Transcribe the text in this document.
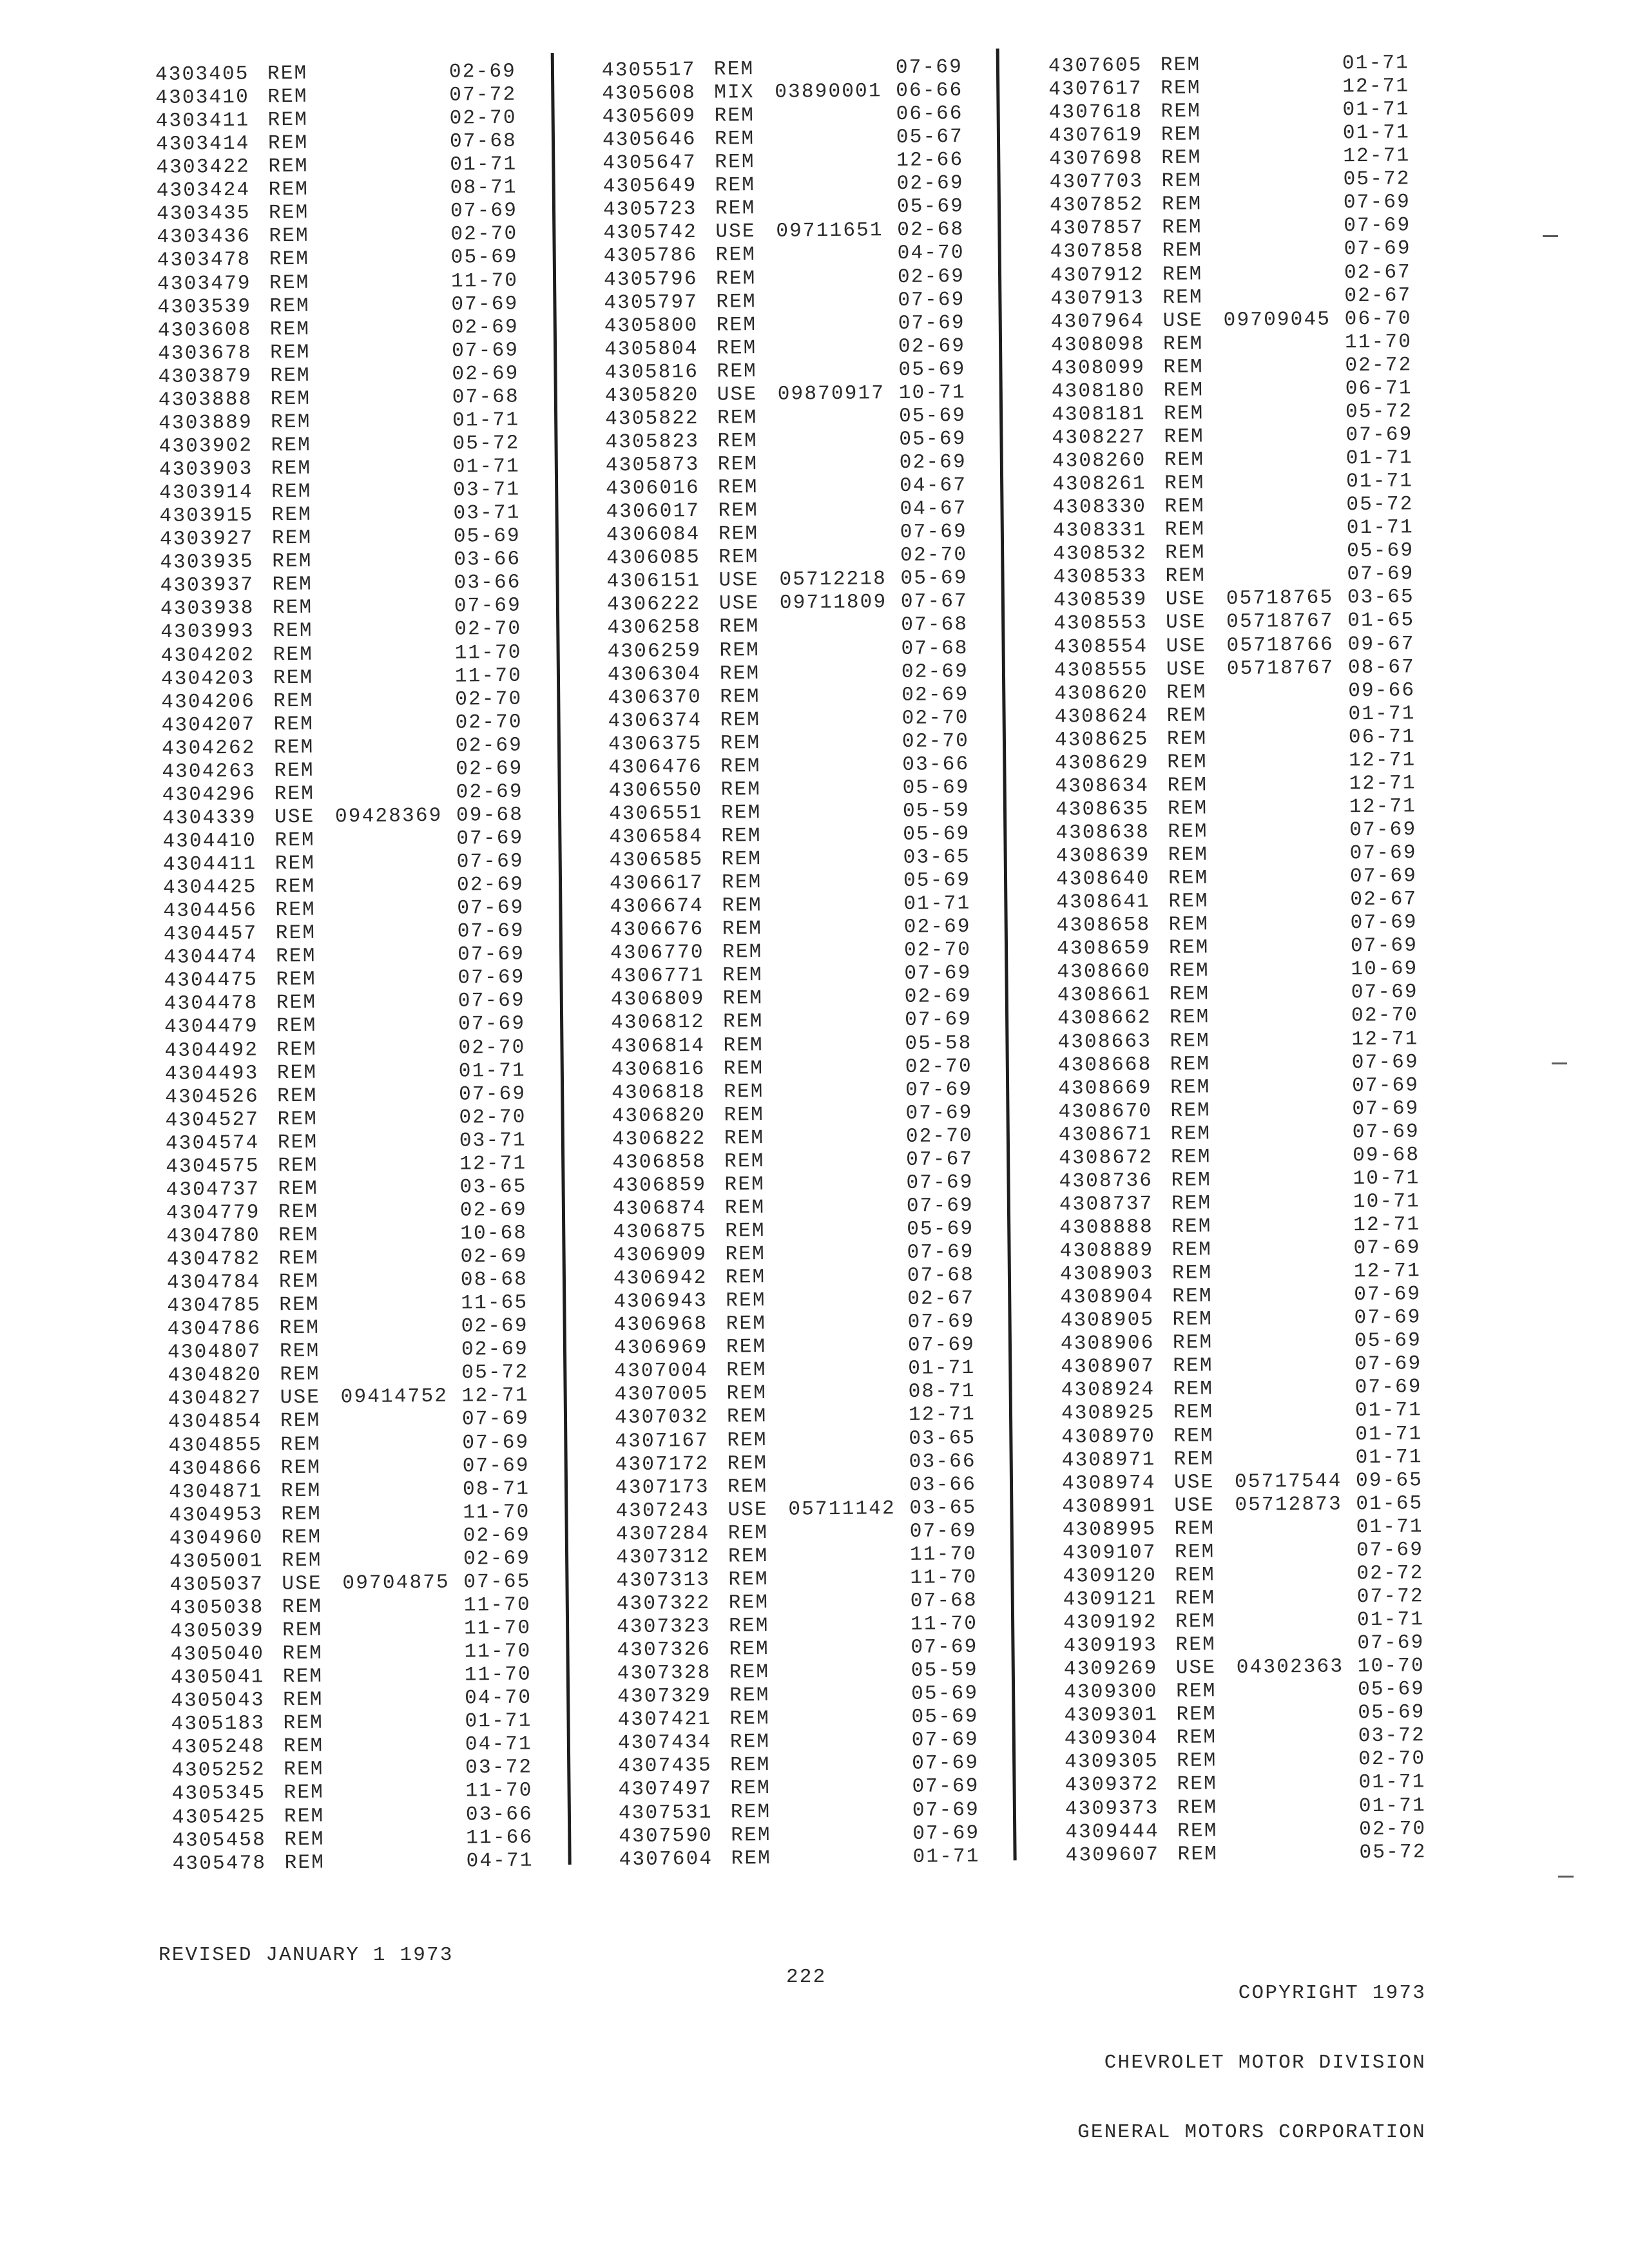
4303405 REM	02-69
4303410 REM	07-72
4303411 REM	02-70
4303414 REM	07-68
4303422 REM	01-71
4303424 REM	08-71
4303435 REM	07-69
4303436 REM	02-70
4303478 REM	05-69
4303479 REM	11-70
4303539 REM	07-69
4303608 REM	02-69
4303678 REM	07-69
4303879 REM	02-69
4303888 REM	07-68
4303889 REM	01-71
4303902 REM	05-72
4303903 REM	01-71
4303914 REM	03-71
4303915 REM	03-71
4303927 REM	05-69
4303935 REM	03-66
4303937 REM	03-66
4303938 REM	07-69
4303993 REM	02-70
4304202 REM	11-70
4304203 REM	11-70
4304206 REM	02-70
4304207 REM	02-70
4304262 REM	02-69
4304263 REM	02-69
4304296 REM	02-69
4304339 USE 09428369 09-68
4304410 REM	07-69
4304411 REM	07-69
4304425 REM	02-69
4304456 REM	07-69
4304457 REM	07-69
4304474 REM	07-69
4304475 REM	07-69
4304478 REM	07-69
4304479 REM	07-69
4304492 REM	02-70
4304493 REM	01-71
4304526 REM	07-69
4304527 REM	02-70
4304574 REM	03-71
4304575 REM	12-71
4304737 REM	03-65
4304779 REM	02-69
4304780 REM	10-68
4304782 REM	02-69
4304784 REM	08-68
4304785 REM	11-65
4304786 REM	02-69
4304807 REM	02-69
4304820 REM	05-72
4304827 USE 09414752 12-71
4304854 REM	07-69
4304855 REM	07-69
4304866 REM	07-69
4304871 REM	08-71
4304953 REM	11-70
4304960 REM	02-69
4305001 REM	02-69
4305037 USE 09704875 07-65
4305038 REM	11-70
4305039 REM	11-70
4305040 REM	11-70
4305041 REM	11-70
4305043 REM	04-70
4305183 REM	01-71
4305248 REM	04-71
4305252 REM	03-72
4305345 REM	11-70
4305425 REM	03-66
4305458 REM	11-66
4305478 REM	04-71
4305517 REM	07-69
4305608 MIX 03890001 06-66
4305609 REM	06-66
4305646 REM	05-67
4305647 REM	12-66
4305649 REM	02-69
4305723 REM	05-69
4305742 USE 09711651 02-68
4305786 REM	04-70
4305796 REM	02-69
4305797 REM	07-69
4305800 REM	07-69
4305804 REM	02-69
4305816 REM	05-69
4305820 USE 09870917 10-71
4305822 REM	05-69
4305823 REM	05-69
4305873 REM	02-69
4306016 REM	04-67
4306017 REM	04-67
4306084 REM	07-69
4306085 REM	02-70
4306151 USE 05712218 05-69
4306222 USE 09711809 07-67
4306258 REM	07-68
4306259 REM	07-68
4306304 REM	02-69
4306370 REM	02-69
4306374 REM	02-70
4306375 REM	02-70
4306476 REM	03-66
4306550 REM	05-69
4306551 REM	05-59
4306584 REM	05-69
4306585 REM	03-65
4306617 REM	05-69
4306674 REM	01-71
4306676 REM	02-69
4306770 REM	02-70
4306771 REM	07-69
4306809 REM	02-69
4306812 REM	07-69
4306814 REM	05-58
4306816 REM	02-70
4306818 REM	07-69
4306820 REM	07-69
4306822 REM	02-70
4306858 REM	07-67
4306859 REM	07-69
4306874 REM	07-69
4306875 REM	05-69
4306909 REM	07-69
4306942 REM	07-68
4306943 REM	02-67
4306968 REM	07-69
4306969 REM	07-69
4307004 REM	01-71
4307005 REM	08-71
4307032 REM	12-71
4307167 REM	03-65
4307172 REM	03-66
4307173 REM	03-66
4307243 USE 05711142 03-65
4307284 REM	07-69
4307312 REM	11-70
4307313 REM	11-70
4307322 REM	07-68
4307323 REM	11-70
4307326 REM	07-69
4307328 REM	05-59
4307329 REM	05-69
4307421 REM	05-69
4307434 REM	07-69
4307435 REM	07-69
4307497 REM	07-69
4307531 REM	07-69
4307590 REM	07-69
4307604 REM	01-71
4307605 REM	01-71
4307617 REM	12-71
4307618 REM	01-71
4307619 REM	01-71
4307698 REM	12-71
4307703 REM	05-72
4307852 REM	07-69
4307857 REM	07-69
4307858 REM	07-69
4307912 REM	02-67
4307913 REM	02-67
4307964 USE 09709045 06-70
4308098 REM	11-70
4308099 REM	02-72
4308180 REM	06-71
4308181 REM	05-72
4308227 REM	07-69
4308260 REM	01-71
4308261 REM	01-71
4308330 REM	05-72
4308331 REM	01-71
4308532 REM	05-69
4308533 REM	07-69
4308539 USE 05718765 03-65
4308553 USE 05718767 01-65
4308554 USE 05718766 09-67
4308555 USE 05718767 08-67
4308620 REM	09-66
4308624 REM	01-71
4308625 REM	06-71
4308629 REM	12-71
4308634 REM	12-71
4308635 REM	12-71
4308638 REM	07-69
4308639 REM	07-69
4308640 REM	07-69
4308641 REM	02-67
4308658 REM	07-69
4308659 REM	07-69
4308660 REM	10-69
4308661 REM	07-69
4308662 REM	02-70
4308663 REM	12-71
4308668 REM	07-69
4308669 REM	07-69
4308670 REM	07-69
4308671 REM	07-69
4308672 REM	09-68
4308736 REM	10-71
4308737 REM	10-71
4308888 REM	12-71
4308889 REM	07-69
4308903 REM	12-71
4308904 REM	07-69
4308905 REM	07-69
4308906 REM	05-69
4308907 REM	07-69
4308924 REM	07-69
4308925 REM	01-71
4308970 REM	01-71
4308971 REM	01-71
4308974 USE 05717544 09-65
4308991 USE 05712873 01-65
4308995 REM	01-71
4309107 REM	07-69
4309120 REM	02-72
4309121 REM	07-72
4309192 REM	01-71
4309193 REM	07-69
4309269 USE 04302363 10-70
4309300 REM	05-69
4309301 REM	05-69
4309304 REM	03-72
4309305 REM	02-70
4309372 REM	01-71
4309373 REM	01-71
4309444 REM	02-70
4309607 REM	05-72
REVISED JANUARY 1 1973
222

COPYRIGHT 1973

CHEVROLET MOTOR DIVISION

GENERAL MOTORS CORPORATION
